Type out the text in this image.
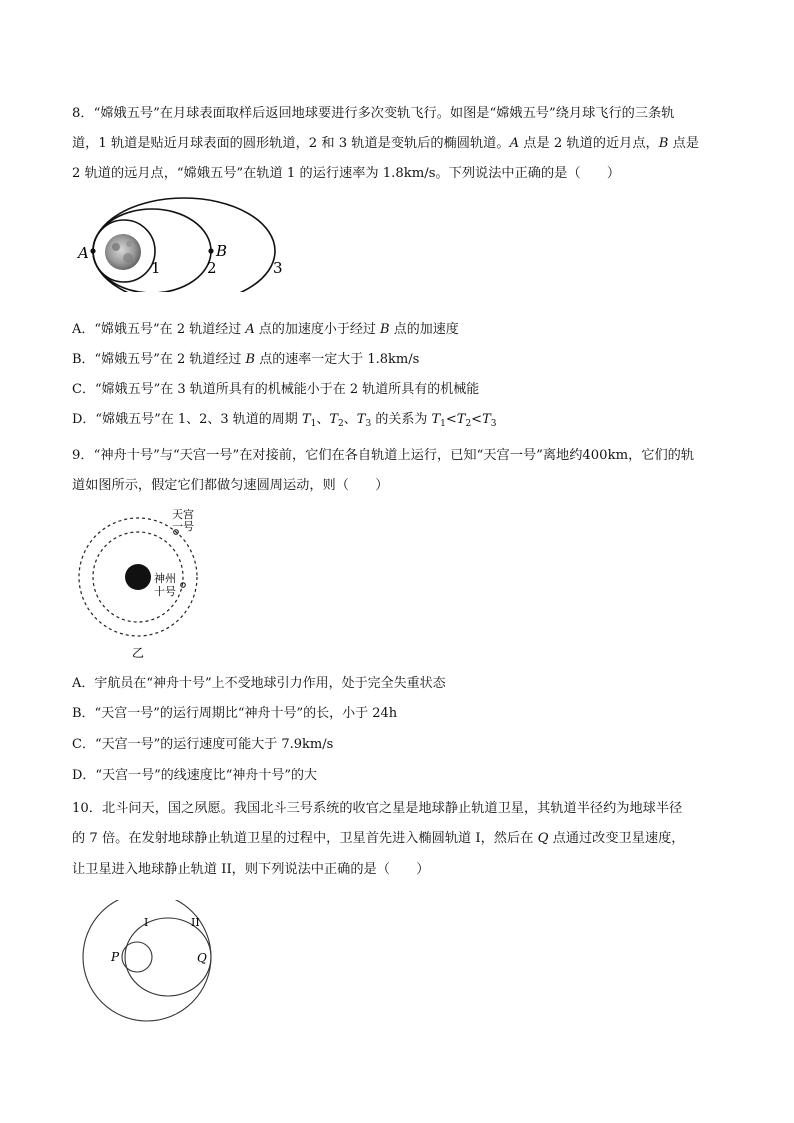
8．“嫦娥五号”在月球表面取样后返回地球要进行多次变轨飞行。如图是“嫦娥五号”绕月球飞行的三条轨
道，1 轨道是贴近月球表面的圆形轨道，2 和 3 轨道是变轨后的椭圆轨道。A 点是 2 轨道的近月点，B 点是
2 轨道的远月点，“嫦娥五号”在轨道 1 的运行速率为 1.8km/s。下列说法中正确的是（　　）
A	B
1	2	3
A．“嫦娥五号”在 2 轨道经过 A 点的加速度小于经过 B 点的加速度
B．“嫦娥五号”在 2 轨道经过 B 点的速率一定大于 1.8km/s
C．“嫦娥五号”在 3 轨道所具有的机械能小于在 2 轨道所具有的机械能
D．“嫦娥五号”在 1、2、3 轨道的周期 $T_1$、$T_2$、$T_3$ 的关系为 $T_1<T_2<T_3$
9．“神舟十号”与“天宫一号”在对接前，它们在各自轨道上运行，已知“天宫一号”离地约400km，它们的轨
道如图所示，假定它们都做匀速圆周运动，则（　　）
天宫
一号
神州
十号
乙
A．宇航员在“神舟十号”上不受地球引力作用，处于完全失重状态
B．“天宫一号”的运行周期比“神舟十号”的长，小于 24h
C．“天宫一号”的运行速度可能大于 7.9km/s
D．“天宫一号”的线速度比“神舟十号”的大
10．北斗问天，国之夙愿。我国北斗三号系统的收官之星是地球静止轨道卫星，其轨道半径约为地球半径
的 7 倍。在发射地球静止轨道卫星的过程中，卫星首先进入椭圆轨道 I，然后在 Q 点通过改变卫星速度，
让卫星进入地球静止轨道 II，则下列说法中正确的是（　　）
I	II
P	Q
